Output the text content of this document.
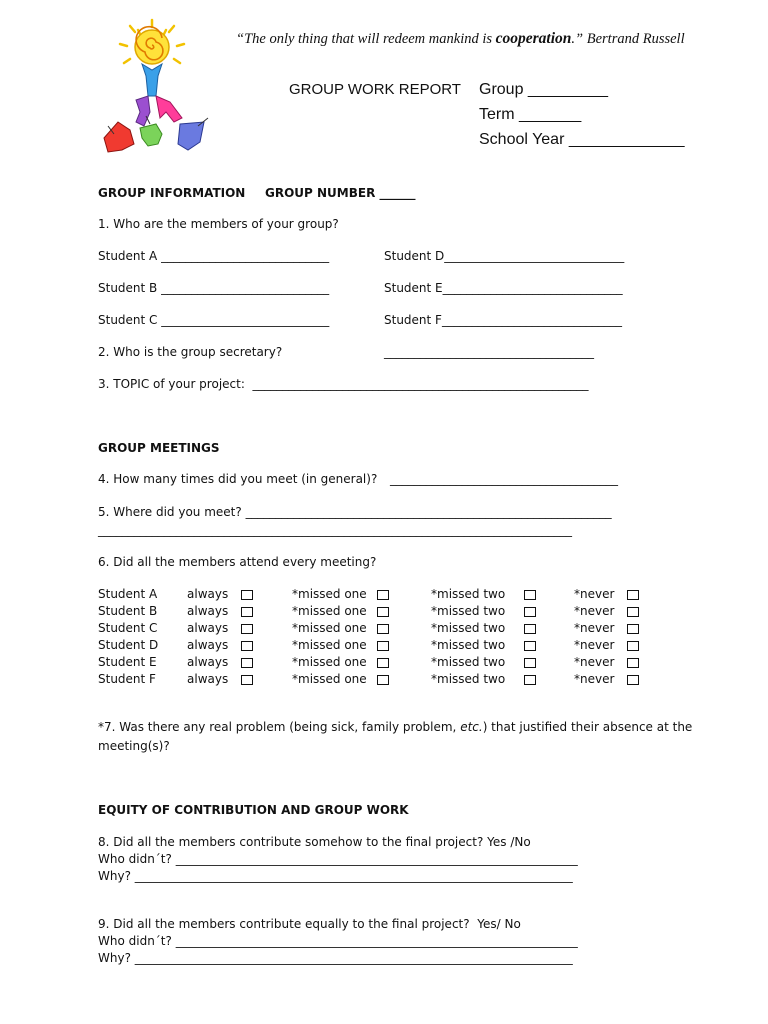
“The only thing that will redeem mankind is cooperation.” Bertrand Russell
GROUP WORK REPORT Group _________
Term _______
School Year _____________
GROUP INFORMATION GROUP NUMBER ______
1. Who are the members of your group?
Student A ____________________________
Student B ____________________________
Student C ____________________________
Student D______________________________
Student E______________________________
Student F______________________________
2. Who is the group secretary?	___________________________________
3. TOPIC of your project:  ________________________________________________________
GROUP MEETINGS
4. How many times did you meet (in general)? ______________________________________
5. Where did you meet? _____________________________________________________________
_______________________________________________________________________________
6. Did all the members attend every meeting?
Student A always	*missed one	*missed two	*never
Student B always	*missed one	*missed two	*never
Student C always	*missed one	*missed two	*never
Student D always	*missed one	*missed two	*never
Student E	always	*missed one	*missed two	*never
Student F	always	*missed one	*missed two	*never
*7. Was there any real problem (being sick, family problem, etc.) that justified their absence at the
meeting(s)?
EQUITY OF CONTRIBUTION AND GROUP WORK
8. Did all the members contribute somehow to the final project? Yes /No
Who didn´t? ___________________________________________________________________
Why? _________________________________________________________________________
9. Did all the members contribute equally to the final project?  Yes/ No
Who didn´t? ___________________________________________________________________
Why? _________________________________________________________________________
